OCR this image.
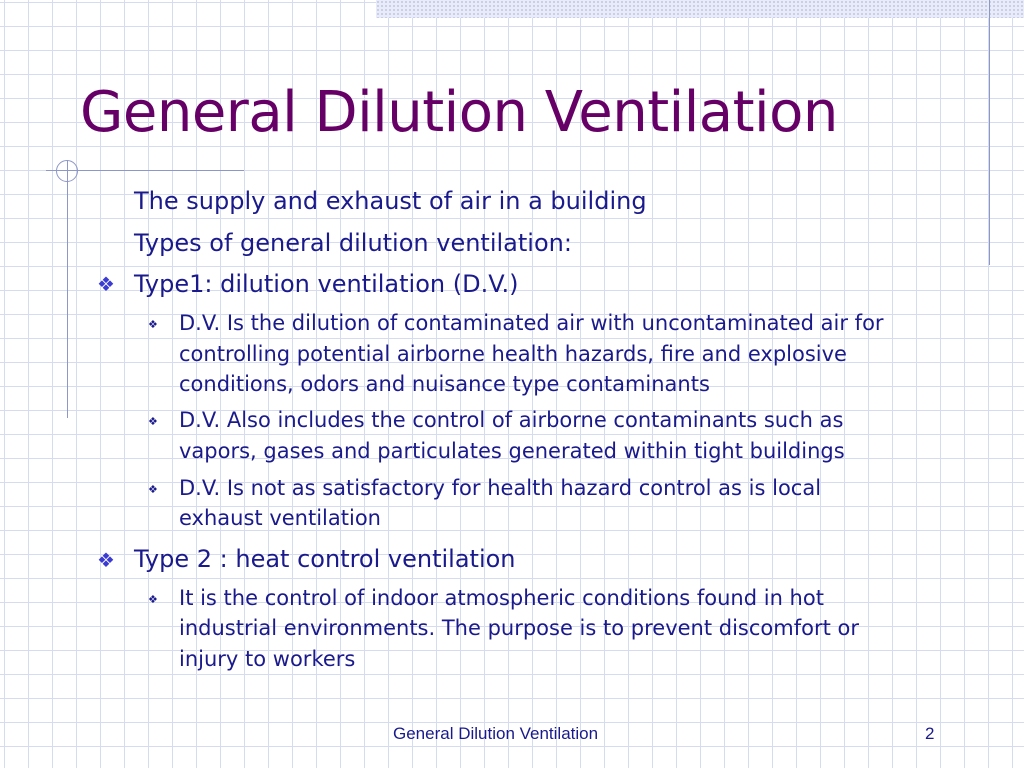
General Dilution Ventilation
The supply and exhaust of air in a building
Types of general dilution ventilation:
❖ Type1: dilution ventilation (D.V.)
❖ D.V. Is the dilution of contaminated air with uncontaminated air for
controlling potential airborne health hazards, fire and explosive
conditions, odors and nuisance type contaminants
❖ D.V. Also includes the control of airborne contaminants such as
vapors, gases and particulates generated within tight buildings
❖ D.V. Is not as satisfactory for health hazard control as is local
exhaust ventilation
❖ Type 2 : heat control ventilation
❖ It is the control of indoor atmospheric conditions found in hot
industrial environments. The purpose is to prevent discomfort or
injury to workers
General Dilution Ventilation	2
